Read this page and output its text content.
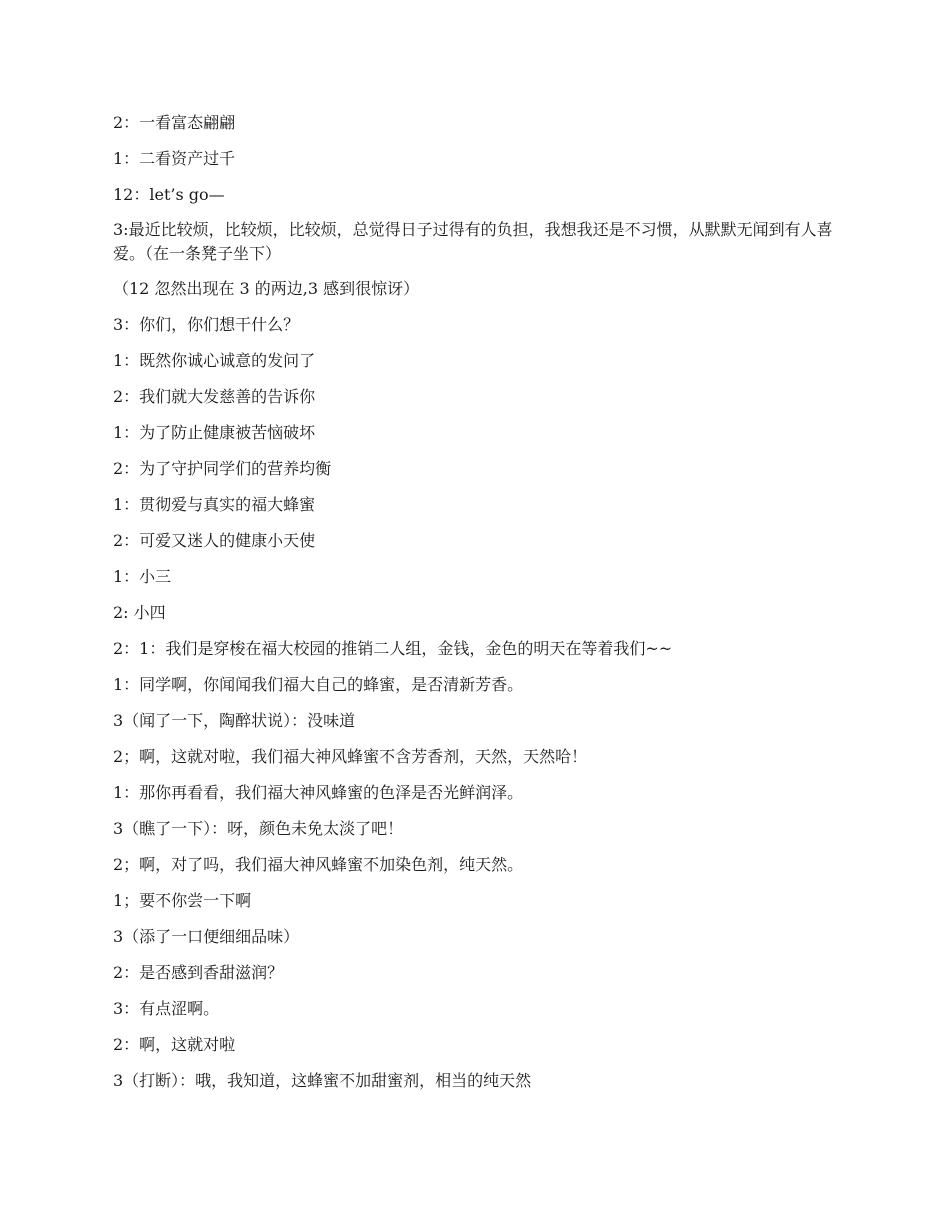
2：一看富态翩翩

1：二看资产过千

12：let’s go—

3:最近比较烦，比较烦，比较烦，总觉得日子过得有的负担，我想我还是不习惯，从默默无闻到有人喜爱。（在一条凳子坐下）

（12 忽然出现在 3 的两边,3 感到很惊讶）

3：你们，你们想干什么？

1：既然你诚心诚意的发问了

2：我们就大发慈善的告诉你

1：为了防止健康被苦恼破坏

2：为了守护同学们的营养均衡

1：贯彻爱与真实的福大蜂蜜

2：可爱又迷人的健康小天使

1：小三

2: 小四

2：1：我们是穿梭在福大校园的推销二人组，金钱，金色的明天在等着我们~~

1：同学啊，你闻闻我们福大自己的蜂蜜，是否清新芳香。

3（闻了一下，陶醉状说）：没味道

2；啊，这就对啦，我们福大神风蜂蜜不含芳香剂，天然，天然哈！

1：那你再看看，我们福大神风蜂蜜的色泽是否光鲜润泽。

3（瞧了一下）：呀，颜色未免太淡了吧！

2；啊，对了吗，我们福大神风蜂蜜不加染色剂，纯天然。

1；要不你尝一下啊

3（添了一口便细细品味）

2：是否感到香甜滋润？

3：有点涩啊。

2：啊，这就对啦

3（打断）：哦，我知道，这蜂蜜不加甜蜜剂，相当的纯天然
